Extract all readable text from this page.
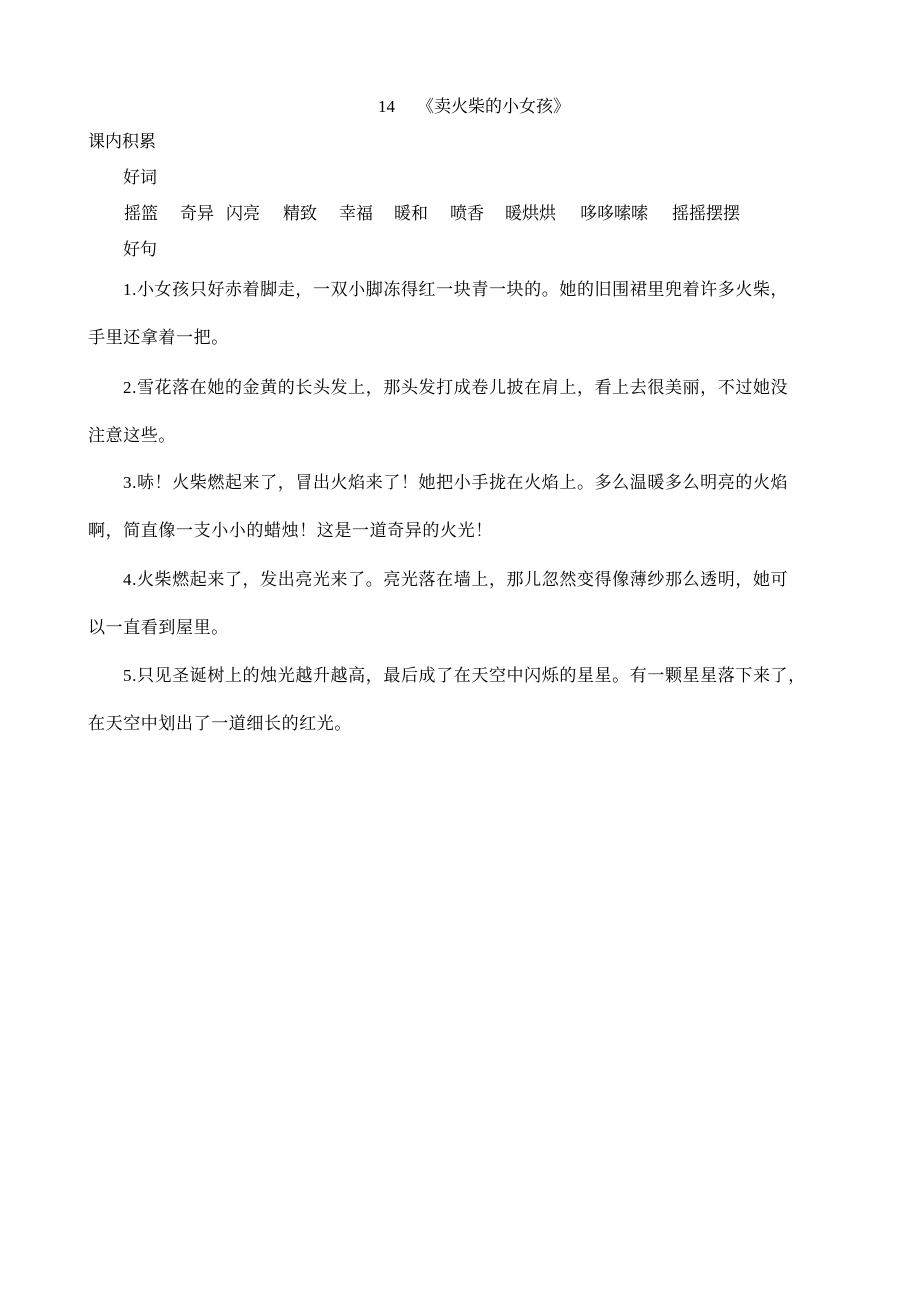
14 《卖火柴的小女孩》
课内积累
好词
摇篮 奇异 闪亮 精致 幸福 暖和 喷香 暖烘烘 哆哆嗦嗦 摇摇摆摆
好句
1.小女孩只好赤着脚走，一双小脚冻得红一块青一块的。她的旧围裙里兜着许多火柴，
手里还拿着一把。
2.雪花落在她的金黄的长头发上，那头发打成卷儿披在肩上，看上去很美丽，不过她没
注意这些。
3.哧！火柴燃起来了，冒出火焰来了！她把小手拢在火焰上。多么温暖多么明亮的火焰
啊，简直像一支小小的蜡烛！这是一道奇异的火光！
4.火柴燃起来了，发出亮光来了。亮光落在墙上，那儿忽然变得像薄纱那么透明，她可
以一直看到屋里。
5.只见圣诞树上的烛光越升越高，最后成了在天空中闪烁的星星。有一颗星星落下来了，
在天空中划出了一道细长的红光。
